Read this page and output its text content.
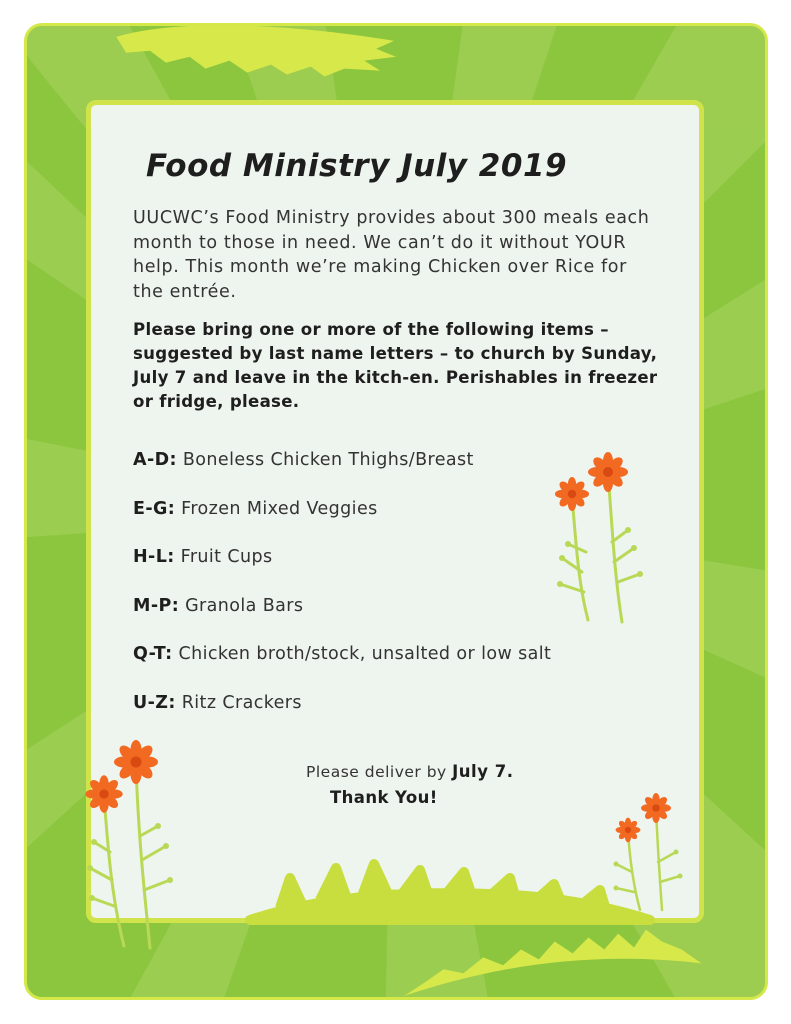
Food Ministry July 2019

UUCWC’s Food Ministry provides about 300 meals each month to those in need. We can’t do it without YOUR help. This month we’re making Chicken over Rice for the entrée.

Please bring one or more of the following items – suggested by last name letters – to church by Sunday, July 7 and leave in the kitch-en. Perishables in freezer or fridge, please.

A-D: Boneless Chicken Thighs/Breast
E-G: Frozen Mixed Veggies
H-L: Fruit Cups
M-P: Granola Bars
Q-T: Chicken broth/stock, unsalted or low salt
U-Z: Ritz Crackers

Please deliver by July 7.

Thank You!
